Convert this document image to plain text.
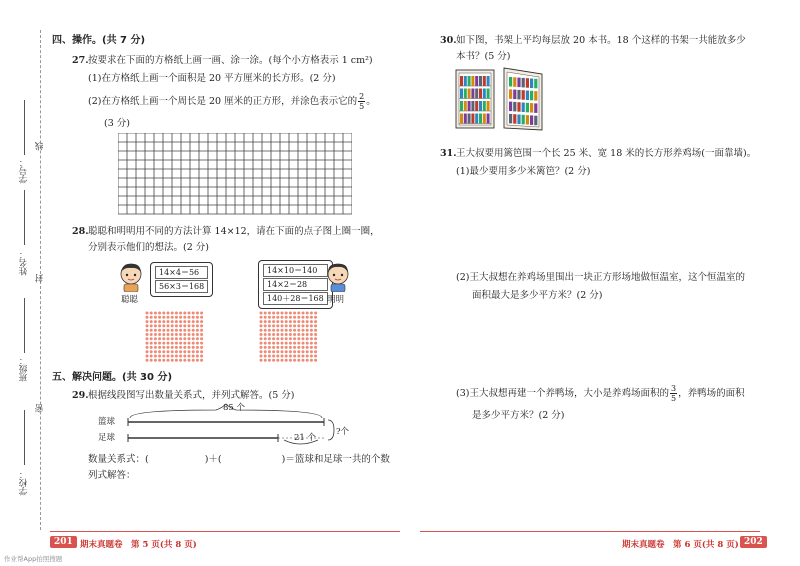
学号：
线
姓名：
封
班级：
密
学校：
四、操作。(共 7 分)
27. 按要求在下面的方格纸上画一画、涂一涂。(每个小方格表示 1 cm²)
(1)在方格纸上画一个面积是 20 平方厘米的长方形。(2 分)
(2)在方格纸上画一个周长是 20 厘米的正方形，并涂色表示它的 $\frac{2}{5}$ 。
(3 分)
28. 聪聪和明明用不同的方法计算 14×12，请在下面的点子图上圈一圈，
分别表示他们的想法。(2 分)
14×4＝56
56×3＝168
聪聪
14×10＝140
14×2＝28
140＋28＝168 明明
五、解决问题。(共 30 分)
29. 根据线段图写出数量关系式，并列式解答。(5 分)
85 个
篮球
足球	21 个
?个
数量关系式：(	)＋(	)＝篮球和足球一共的个数
列式解答：
201 期末真题卷　第 5 页(共 8 页)
30. 如下图，书架上平均每层放 20 本书。18 个这样的书架一共能放多少
本书？(5 分)
31. 王大叔要用篱笆围一个长 25 米、宽 18 米的长方形养鸡场(一面靠墙)。
(1)最少要用多少米篱笆？(2 分)
(2)王大叔想在养鸡场里围出一块正方形场地做恒温室，这个恒温室的
面积最大是多少平方米？(2 分)
(3)王大叔想再建一个养鸭场，大小是养鸡场面积的 $\frac{3}{5}$ ，养鸭场的面积
是多少平方米？(2 分)
期末真题卷　第 6 页(共 8 页) 202
作业帮App拍照搜题
